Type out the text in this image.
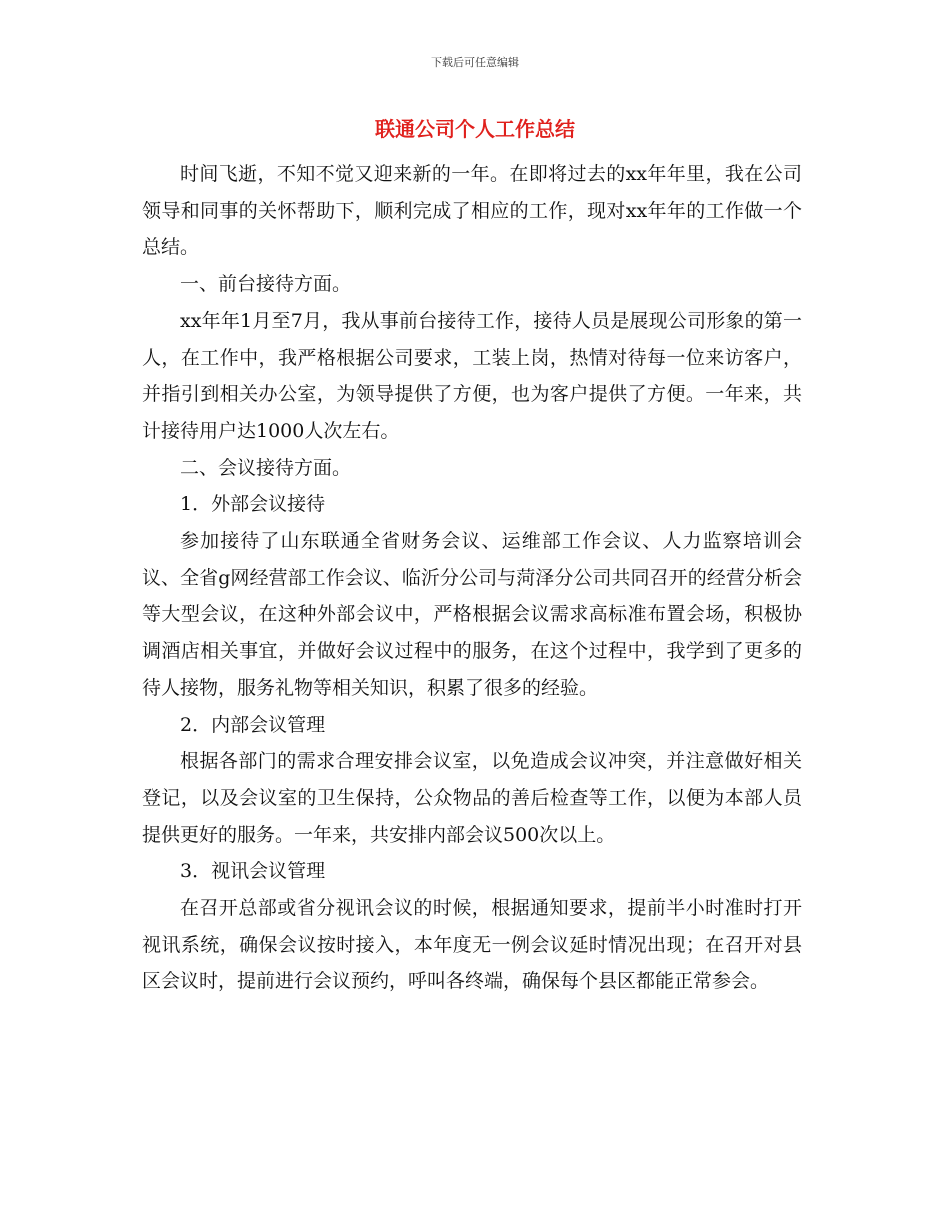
下载后可任意编辑
联通公司个人工作总结

时间飞逝，不知不觉又迎来新的一年。在即将过去的xx年年里，我在公司领导和同事的关怀帮助下，顺利完成了相应的工作，现对xx年年的工作做一个总结。

一、前台接待方面。

xx年年1月至7月，我从事前台接待工作，接待人员是展现公司形象的第一人，在工作中，我严格根据公司要求，工装上岗，热情对待每一位来访客户，并指引到相关办公室，为领导提供了方便，也为客户提供了方便。一年来，共计接待用户达1000人次左右。

二、会议接待方面。

1．外部会议接待

参加接待了山东联通全省财务会议、运维部工作会议、人力监察培训会议、全省g网经营部工作会议、临沂分公司与菏泽分公司共同召开的经营分析会等大型会议，在这种外部会议中，严格根据会议需求高标准布置会场，积极协调酒店相关事宜，并做好会议过程中的服务，在这个过程中，我学到了更多的待人接物，服务礼物等相关知识，积累了很多的经验。

2．内部会议管理

根据各部门的需求合理安排会议室，以免造成会议冲突，并注意做好相关登记，以及会议室的卫生保持，公众物品的善后检查等工作，以便为本部人员提供更好的服务。一年来，共安排内部会议500次以上。

3．视讯会议管理

在召开总部或省分视讯会议的时候，根据通知要求，提前半小时准时打开视讯系统，确保会议按时接入，本年度无一例会议延时情况出现；在召开对县区会议时，提前进行会议预约，呼叫各终端，确保每个县区都能正常参会。
